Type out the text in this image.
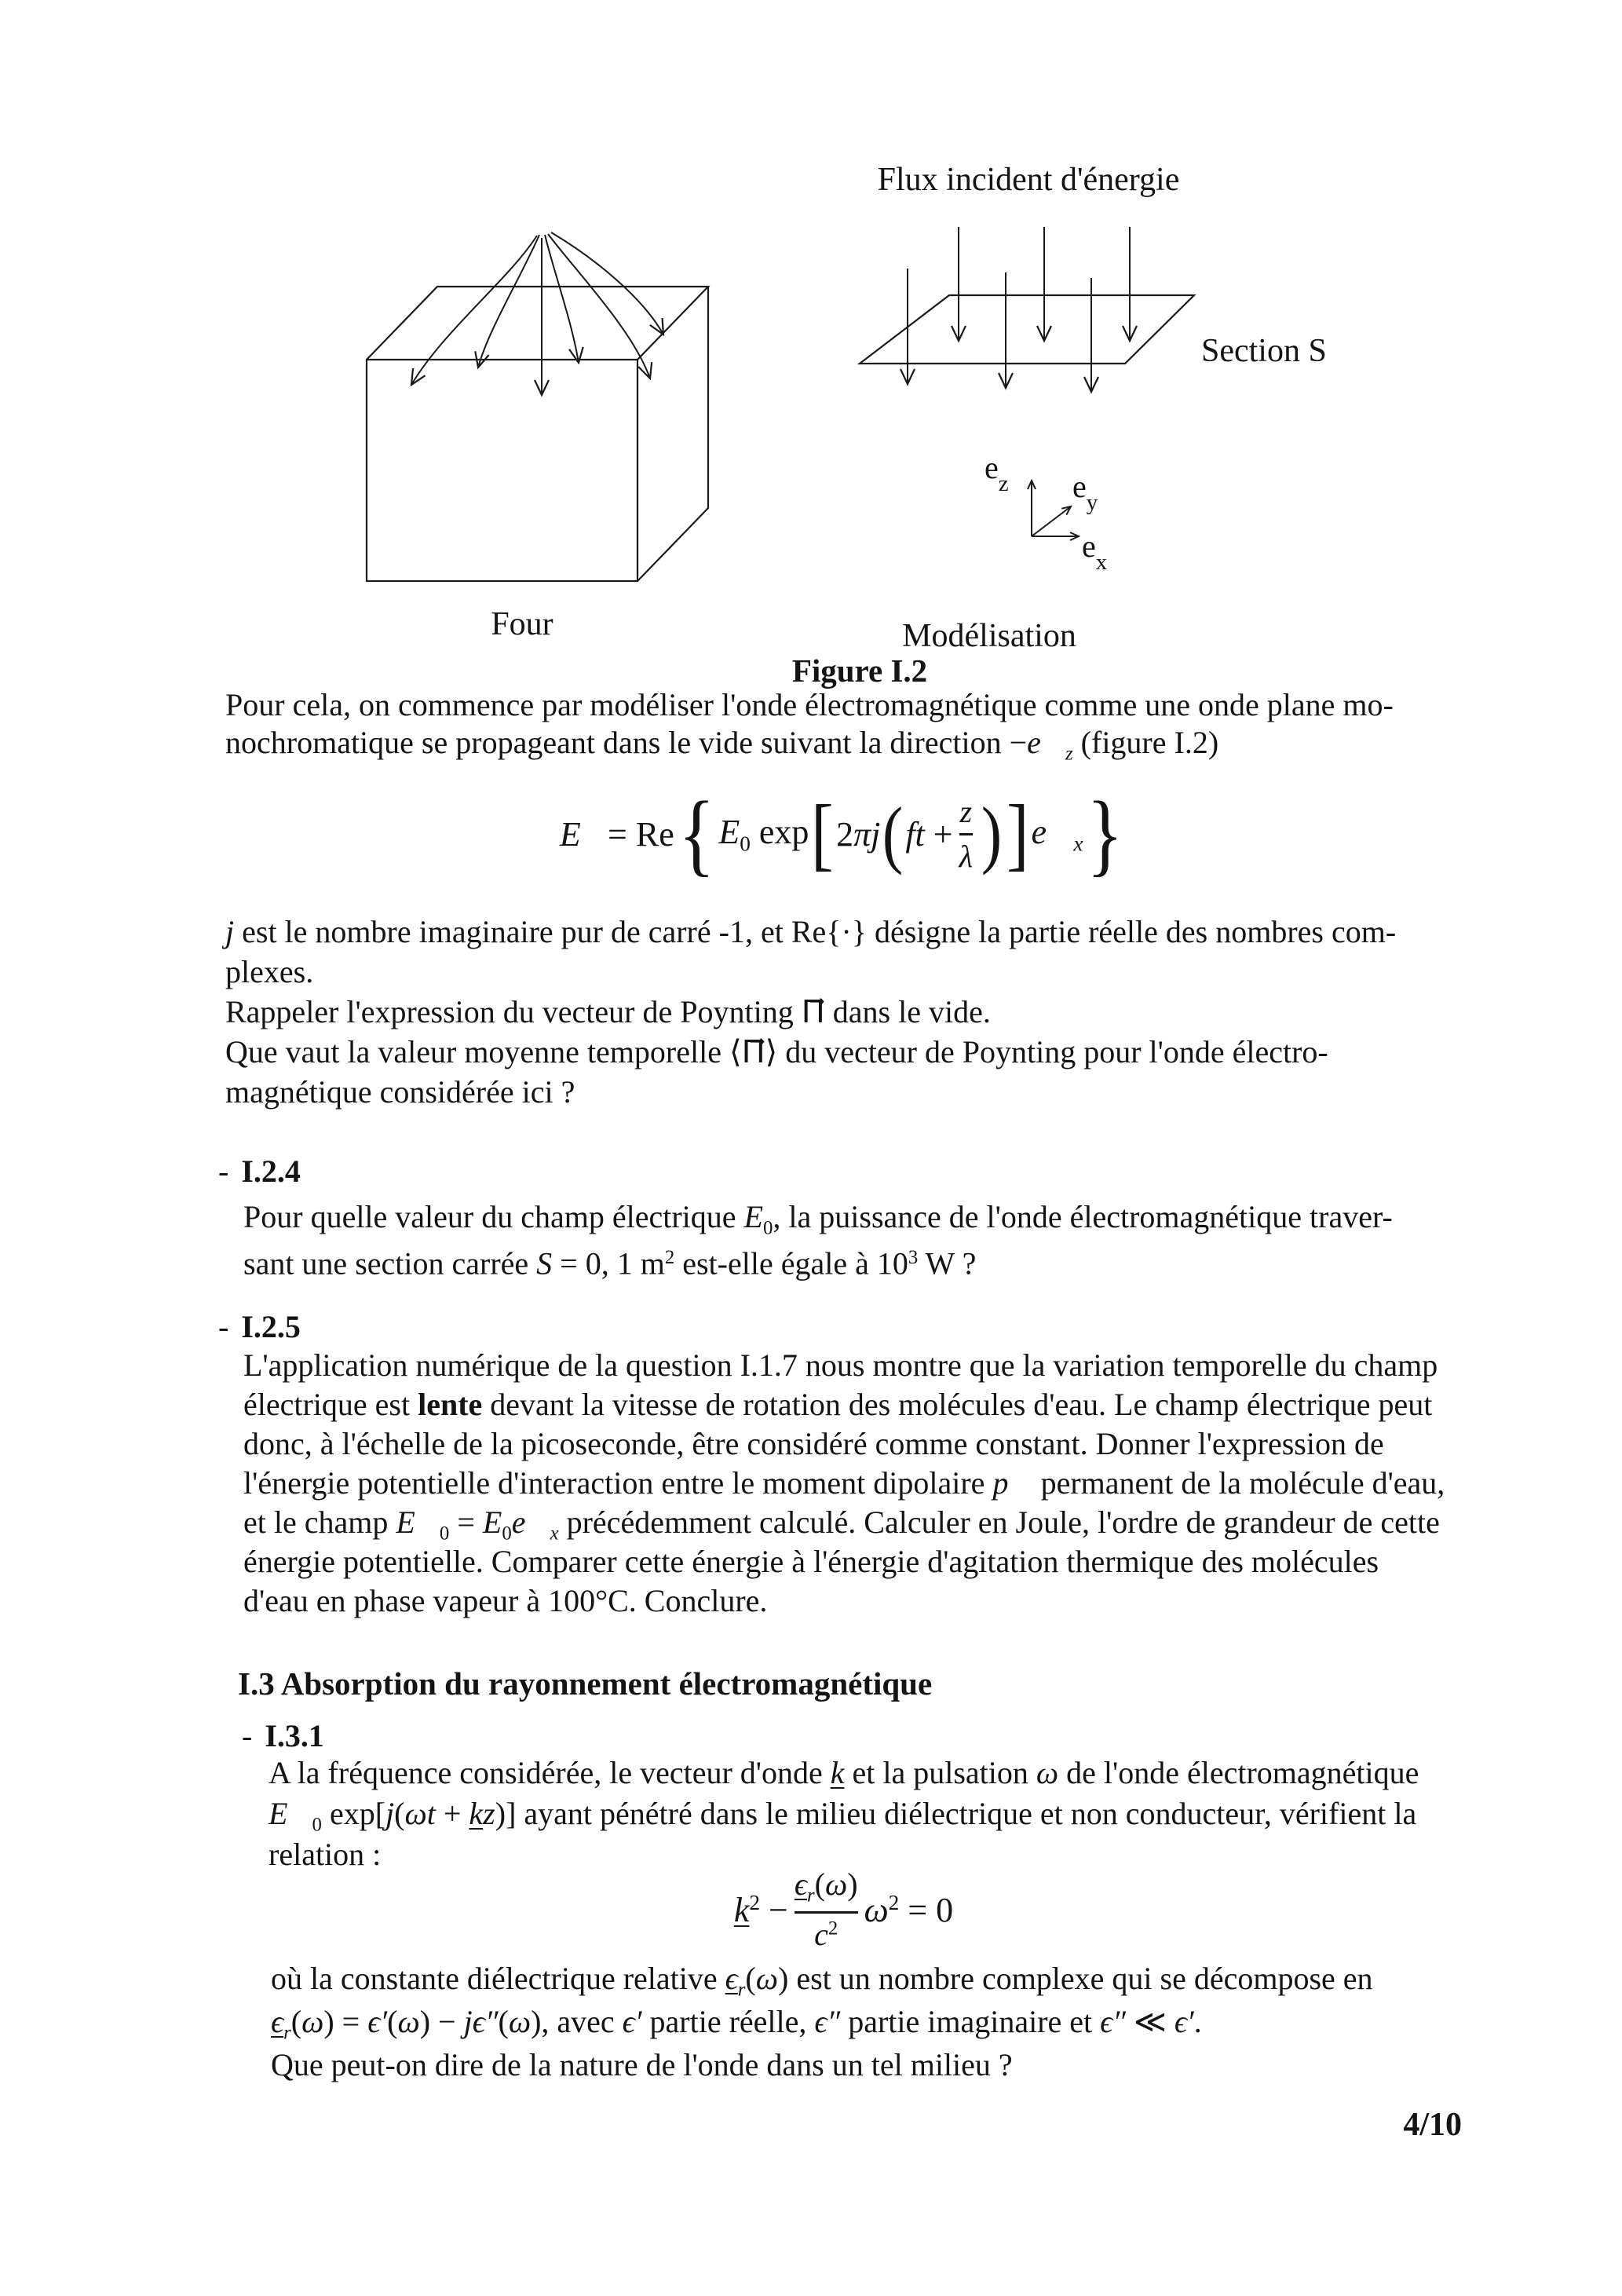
Flux incident d'énergie
Section S
$e_z$ $e_y$
$e_x$
Four	Modélisation
Figure I.2
Pour cela, on commence par modéliser l'onde électromagnétique comme une onde plane mo-
nochromatique se propageant dans le vide suivant la direction $-e⃗_z$ (figure I.2)
E⃗ = Re { $E_0$ exp [ 2πj ( ft + $\frac{z}{\lambda}$ ) ] $e⃗_x$ }
j est le nombre imaginaire pur de carré -1, et Re{·} désigne la partie réelle des nombres com-
plexes.
Rappeler l'expression du vecteur de Poynting Π⃗ dans le vide.
Que vaut la valeur moyenne temporelle ⟨Π⃗⟩ du vecteur de Poynting pour l'onde électro-
magnétique considérée ici ?
- I.2.4
Pour quelle valeur du champ électrique $E_0$, la puissance de l'onde électromagnétique traver-
sant une section carrée S = 0, 1 $m^2$ est-elle égale à $10^3$ W ?
- I.2.5
L'application numérique de la question I.1.7 nous montre que la variation temporelle du champ
électrique est lente devant la vitesse de rotation des molécules d'eau. Le champ électrique peut
donc, à l'échelle de la picoseconde, être considéré comme constant. Donner l'expression de
l'énergie potentielle d'interaction entre le moment dipolaire p⃗ permanent de la molécule d'eau,
et le champ $E⃗_0$ = $E_0e⃗_x$ précédemment calculé. Calculer en Joule, l'ordre de grandeur de cette
énergie potentielle. Comparer cette énergie à l'énergie d'agitation thermique des molécules
d'eau en phase vapeur à 100°C. Conclure.
I.3 Absorption du rayonnement électromagnétique
- I.3.1
A la fréquence considérée, le vecteur d'onde k et la pulsation ω de l'onde électromagnétique
$E⃗_0$ exp[j(ωt + kz)] ayant pénétré dans le milieu diélectrique et non conducteur, vérifient la
relation :
$k^2 - \frac{\epsilon_r(\omega)}{c^2} \omega^2 = 0$
où la constante diélectrique relative $\epsilon_r(\omega)$ est un nombre complexe qui se décompose en
$\epsilon_r(\omega) = \epsilon'(\omega) - j\epsilon''(\omega)$, avec ϵ′ partie réelle, ϵ″ partie imaginaire et ϵ″ ≪ ϵ′.
Que peut-on dire de la nature de l'onde dans un tel milieu ?
4/10
